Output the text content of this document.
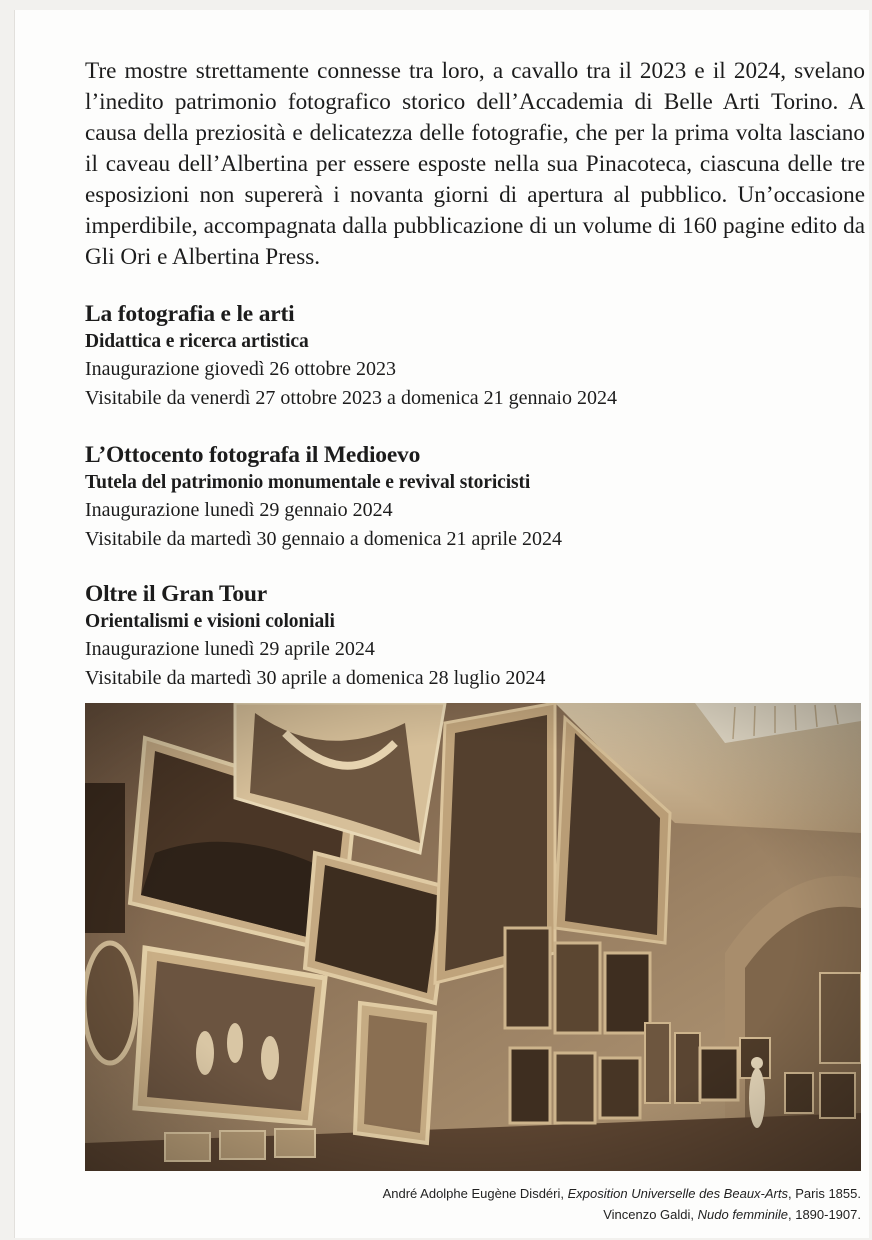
Tre mostre strettamente connesse tra loro, a cavallo tra il 2023 e il 2024, svelano l’inedito patrimonio fotografico storico dell’Accademia di Belle Arti Torino. A causa della preziosità e delicatezza delle fotografie, che per la prima volta lasciano il caveau dell’Albertina per essere esposte nella sua Pinacoteca, ciascuna delle tre esposizioni non supererà i novanta giorni di apertura al pubblico. Un’occasione imperdibile, accompagnata dalla pubblicazione di un volume di 160 pagine edito da Gli Ori e Albertina Press.

La fotografia e le arti
Didattica e ricerca artistica
Inaugurazione giovedì 26 ottobre 2023
Visitabile da venerdì 27 ottobre 2023 a domenica 21 gennaio 2024
L’Ottocento fotografa il Medioevo
Tutela del patrimonio monumentale e revival storicisti
Inaugurazione lunedì 29 gennaio 2024
Visitabile da martedì 30 gennaio a domenica 21 aprile 2024
Oltre il Gran Tour
Orientalismi e visioni coloniali
Inaugurazione lunedì 29 aprile 2024
Visitabile da martedì 30 aprile a domenica 28 luglio 2024
André Adolphe Eugène Disdéri, Exposition Universelle des Beaux-Arts, Paris 1855.
Vincenzo Galdi, Nudo femminile, 1890-1907.
